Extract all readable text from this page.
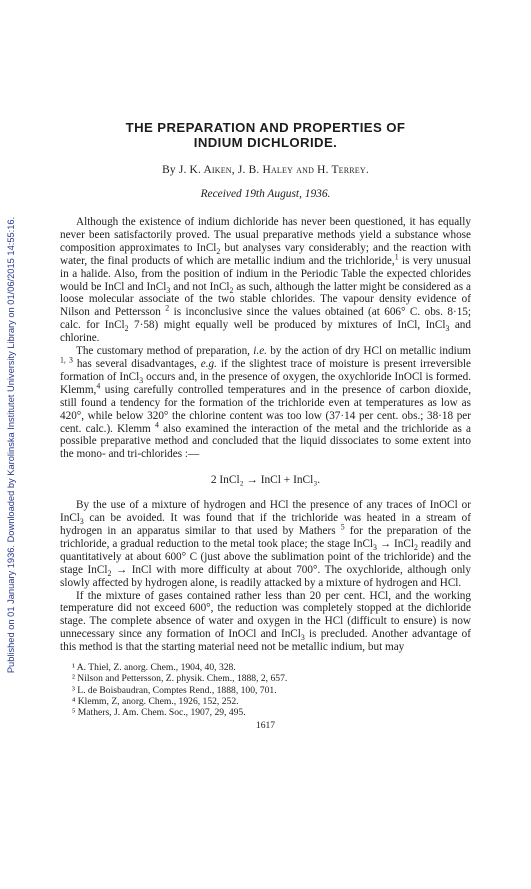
Published on 01 January 1936. Downloaded by Karolinska Institutet University Library on 01/06/2015 14:55:16.
THE PREPARATION AND PROPERTIES OF
INDIUM DICHLORIDE.
By J. K. Aiken, J. B. Haley and H. Terrey.
Received 19th August, 1936.

Although the existence of indium dichloride has never been questioned, it has equally never been satisfactorily proved. The usual preparative methods yield a substance whose composition approximates to InCl$_2$ but analyses vary considerably; and the reaction with water, the final products of which are metallic indium and the trichloride,$^1$ is very unusual in a halide. Also, from the position of indium in the Periodic Table the expected chlorides would be InCl and InCl$_3$ and not InCl$_2$ as such, although the latter might be considered as a loose molecular associate of the two stable chlorides. The vapour density evidence of Nilson and Pettersson $^2$ is inconclusive since the values obtained (at 606° C. obs. 8·15; calc. for InCl$_2$ 7·58) might equally well be produced by mixtures of InCl, InCl$_3$ and chlorine.

The customary method of preparation, i.e. by the action of dry HCl on metallic indium $^{1, 3}$ has several disadvantages, e.g. if the slightest trace of moisture is present irreversible formation of InCl$_3$ occurs and, in the presence of oxygen, the oxychloride InOCl is formed. Klemm,$^4$ using carefully controlled temperatures and in the presence of carbon dioxide, still found a tendency for the formation of the trichloride even at temperatures as low as 420°, while below 320° the chlorine content was too low (37·14 per cent. obs.; 38·18 per cent. calc.). Klemm $^4$ also examined the interaction of the metal and the trichloride as a possible preparative method and concluded that the liquid dissociates to some extent into the mono- and tri-chlorides :—

2 InCl₂ → InCl + InCl₃.

By the use of a mixture of hydrogen and HCl the presence of any traces of InOCl or InCl$_3$ can be avoided. It was found that if the trichloride was heated in a stream of hydrogen in an apparatus similar to that used by Mathers $^5$ for the preparation of the trichloride, a gradual reduction to the metal took place; the stage InCl$_3$ → InCl$_2$ readily and quantitatively at about 600° C (just above the sublimation point of the trichloride) and the stage InCl$_2$ → InCl with more difficulty at about 700°. The oxychloride, although only slowly affected by hydrogen alone, is readily attacked by a mixture of hydrogen and HCl.

If the mixture of gases contained rather less than 20 per cent. HCl, and the working temperature did not exceed 600°, the reduction was completely stopped at the dichloride stage. The complete absence of water and oxygen in the HCl (difficult to ensure) is now unnecessary since any formation of InOCl and InCl$_3$ is precluded. Another advantage of this method is that the starting material need not be metallic indium, but may

¹ A. Thiel, Z. anorg. Chem., 1904, 40, 328.
² Nilson and Pettersson, Z. physik. Chem., 1888, 2, 657.
³ L. de Boisbaudran, Comptes Rend., 1888, 100, 701.
⁴ Klemm, Z, anorg. Chem., 1926, 152, 252.
⁵ Mathers, J. Am. Chem. Soc., 1907, 29, 495.
1617
